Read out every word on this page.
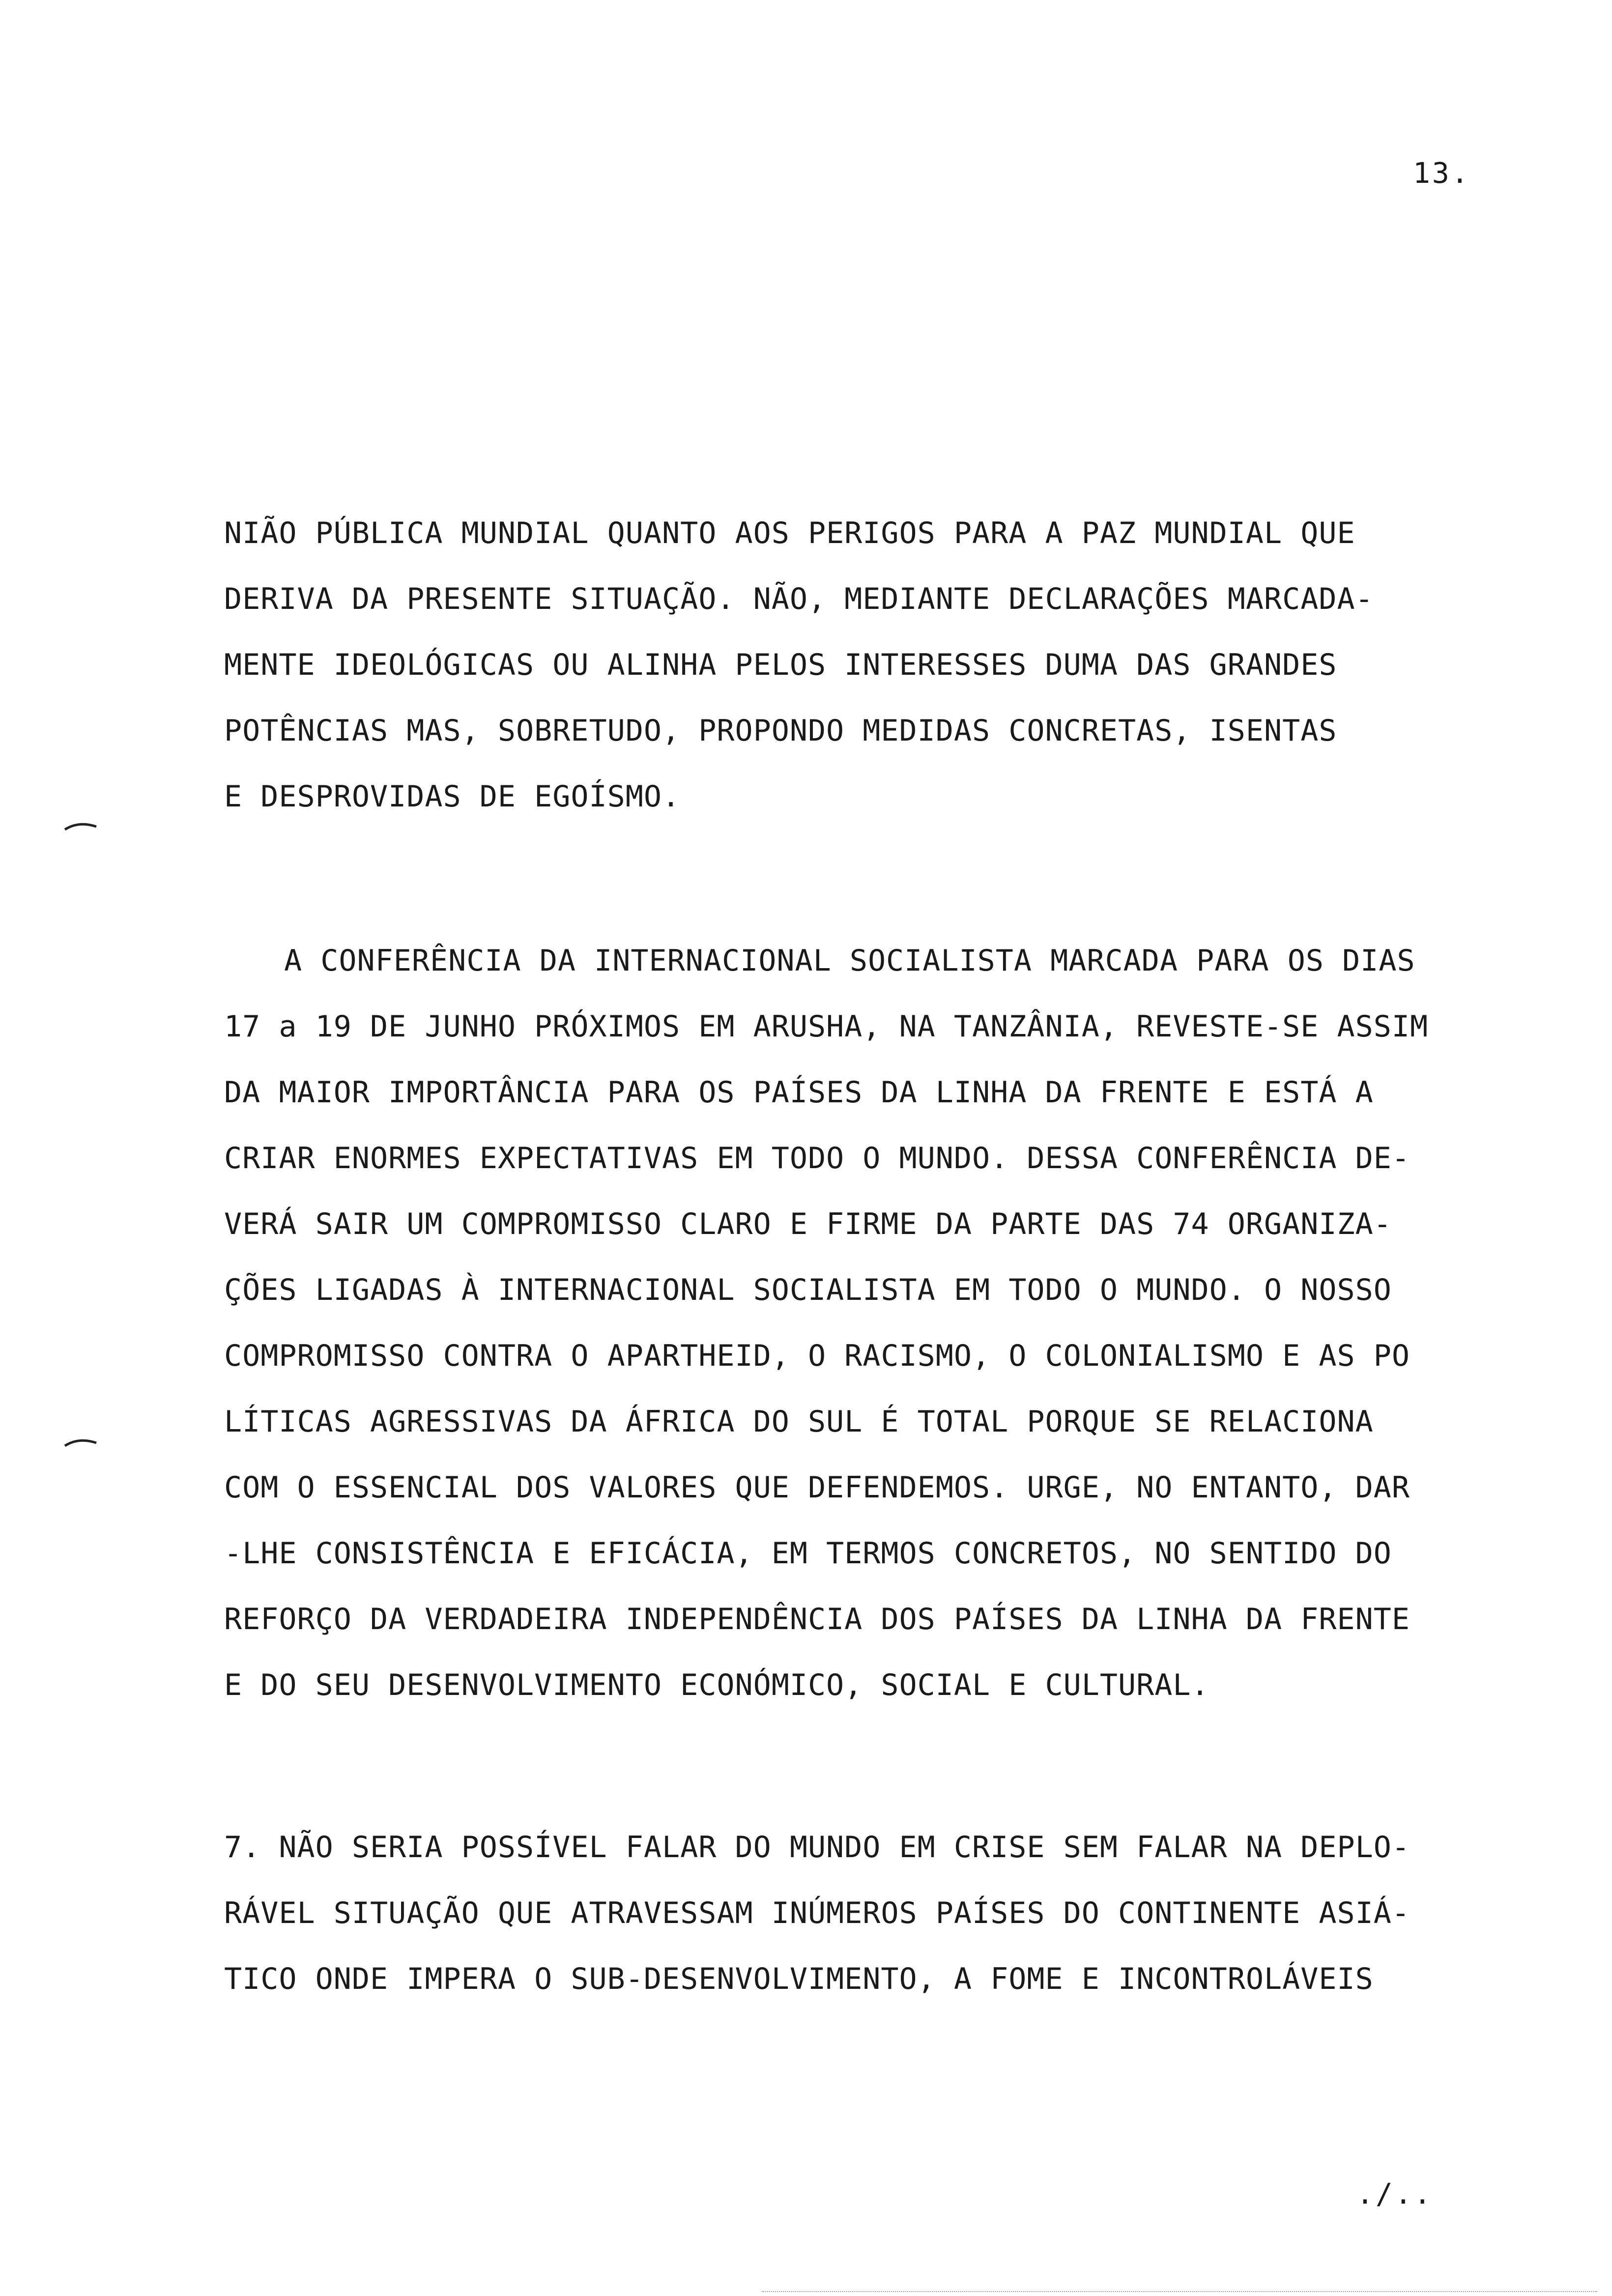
13.
NIÃO PÚBLICA MUNDIAL QUANTO AOS PERIGOS PARA A PAZ MUNDIAL QUE
DERIVA DA PRESENTE SITUAÇÃO. NÃO, MEDIANTE DECLARAÇÕES MARCADA-
MENTE IDEOLÓGICAS OU ALINHA PELOS INTERESSES DUMA DAS GRANDES
POTÊNCIAS MAS, SOBRETUDO, PROPONDO MEDIDAS CONCRETAS, ISENTAS
E DESPROVIDAS DE EGOÍSMO.
A CONFERÊNCIA DA INTERNACIONAL SOCIALISTA MARCADA PARA OS DIAS
17 a 19 DE JUNHO PRÓXIMOS EM ARUSHA, NA TANZÂNIA, REVESTE-SE ASSIM
DA MAIOR IMPORTÂNCIA PARA OS PAÍSES DA LINHA DA FRENTE E ESTÁ A
CRIAR ENORMES EXPECTATIVAS EM TODO O MUNDO. DESSA CONFERÊNCIA DE-
VERÁ SAIR UM COMPROMISSO CLARO E FIRME DA PARTE DAS 74 ORGANIZA-
ÇÕES LIGADAS À INTERNACIONAL SOCIALISTA EM TODO O MUNDO. O NOSSO
COMPROMISSO CONTRA O APARTHEID, O RACISMO, O COLONIALISMO E AS PO
LÍTICAS AGRESSIVAS DA ÁFRICA DO SUL É TOTAL PORQUE SE RELACIONA
COM O ESSENCIAL DOS VALORES QUE DEFENDEMOS. URGE, NO ENTANTO, DAR
-LHE CONSISTÊNCIA E EFICÁCIA, EM TERMOS CONCRETOS, NO SENTIDO DO
REFORÇO DA VERDADEIRA INDEPENDÊNCIA DOS PAÍSES DA LINHA DA FRENTE
E DO SEU DESENVOLVIMENTO ECONÓMICO, SOCIAL E CULTURAL.
7. NÃO SERIA POSSÍVEL FALAR DO MUNDO EM CRISE SEM FALAR NA DEPLO-
RÁVEL SITUAÇÃO QUE ATRAVESSAM INÚMEROS PAÍSES DO CONTINENTE ASIÁ-
TICO ONDE IMPERA O SUB-DESENVOLVIMENTO, A FOME E INCONTROLÁVEIS
./..
